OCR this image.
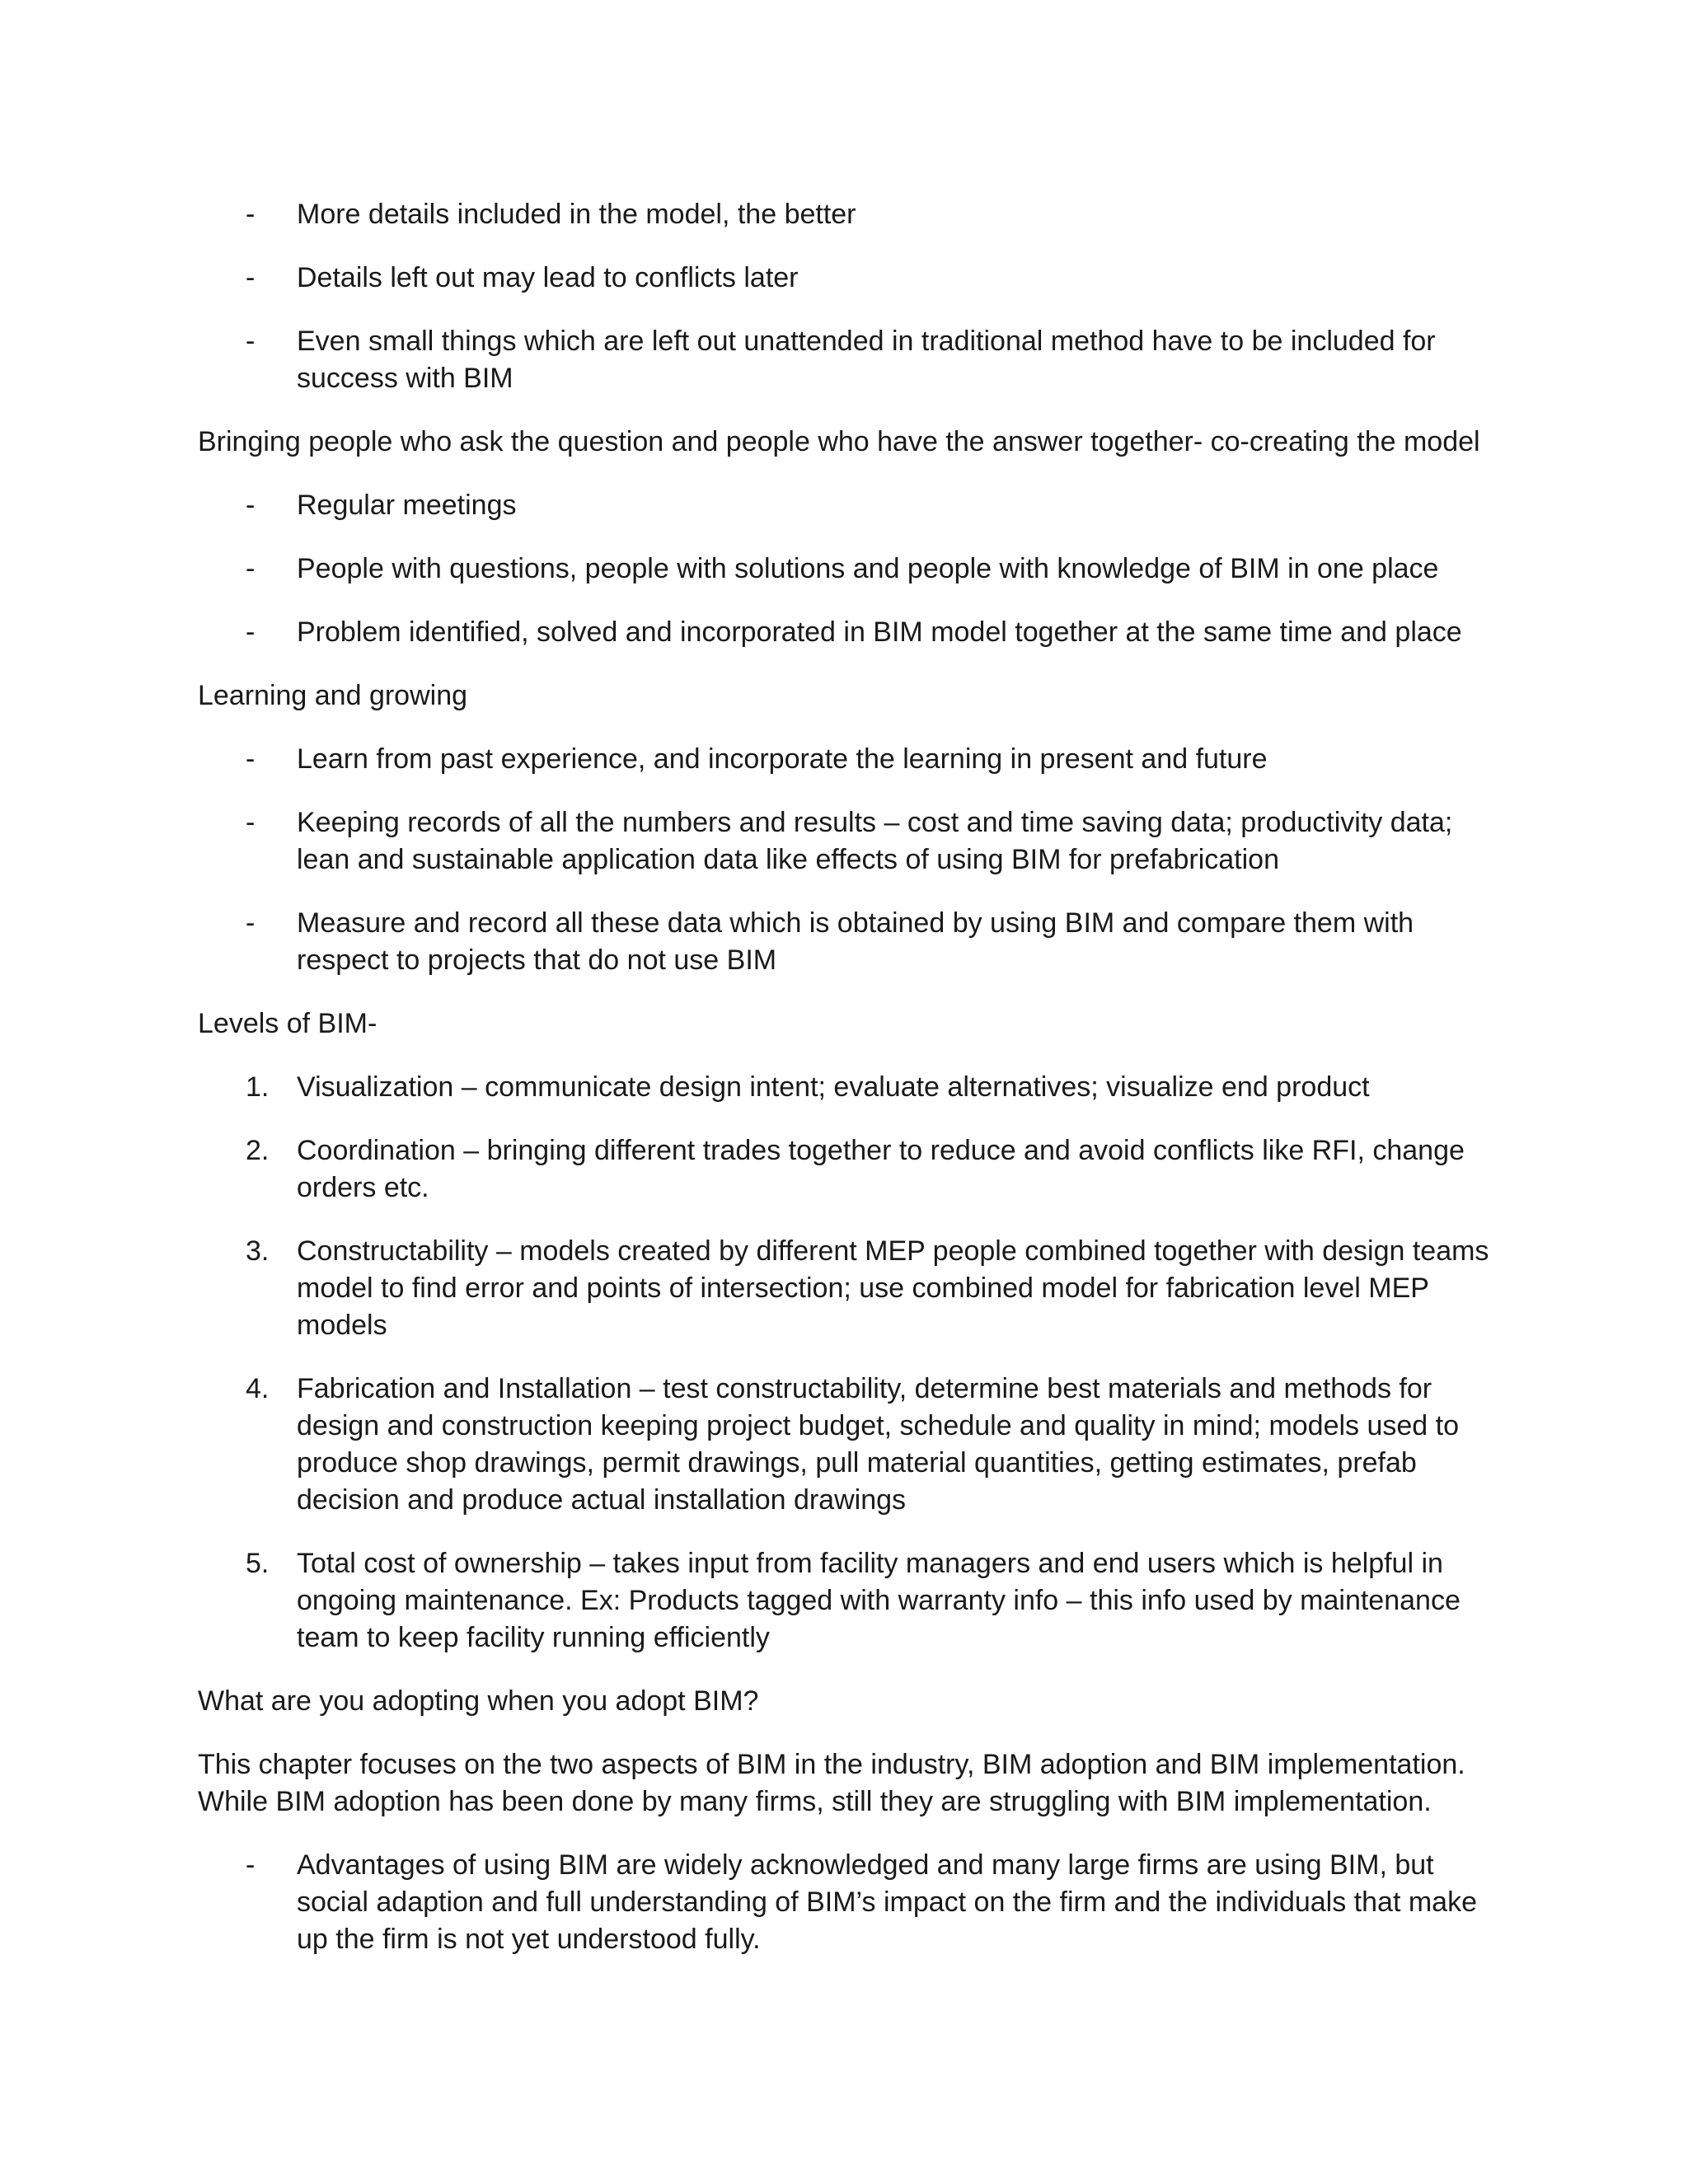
-	More details included in the model, the better
-	Details left out may lead to conflicts later
-	Even small things which are left out unattended in traditional method have to be included for success with BIM

Bringing people who ask the question and people who have the answer together- co-creating the model

-	Regular meetings
-	People with questions, people with solutions and people with knowledge of BIM in one place
-	Problem identified, solved and incorporated in BIM model together at the same time and place

Learning and growing

-	Learn from past experience, and incorporate the learning in present and future
-	Keeping records of all the numbers and results – cost and time saving data; productivity data; lean and sustainable application data like effects of using BIM for prefabrication
-	Measure and record all these data which is obtained by using BIM and compare them with respect to projects that do not use BIM

Levels of BIM-

1. Visualization – communicate design intent; evaluate alternatives; visualize end product
2. Coordination – bringing different trades together to reduce and avoid conflicts like RFI, change orders etc.
3. Constructability – models created by different MEP people combined together with design teams model to find error and points of intersection; use combined model for fabrication level MEP models
4. Fabrication and Installation – test constructability, determine best materials and methods for design and construction keeping project budget, schedule and quality in mind; models used to produce shop drawings, permit drawings, pull material quantities, getting estimates, prefab decision and produce actual installation drawings
5. Total cost of ownership – takes input from facility managers and end users which is helpful in ongoing maintenance. Ex: Products tagged with warranty info – this info used by maintenance team to keep facility running efficiently

What are you adopting when you adopt BIM?

This chapter focuses on the two aspects of BIM in the industry, BIM adoption and BIM implementation. While BIM adoption has been done by many firms, still they are struggling with BIM implementation.

-	Advantages of using BIM are widely acknowledged and many large firms are using BIM, but social adaption and full understanding of BIM’s impact on the firm and the individuals that make up the firm is not yet understood fully.
